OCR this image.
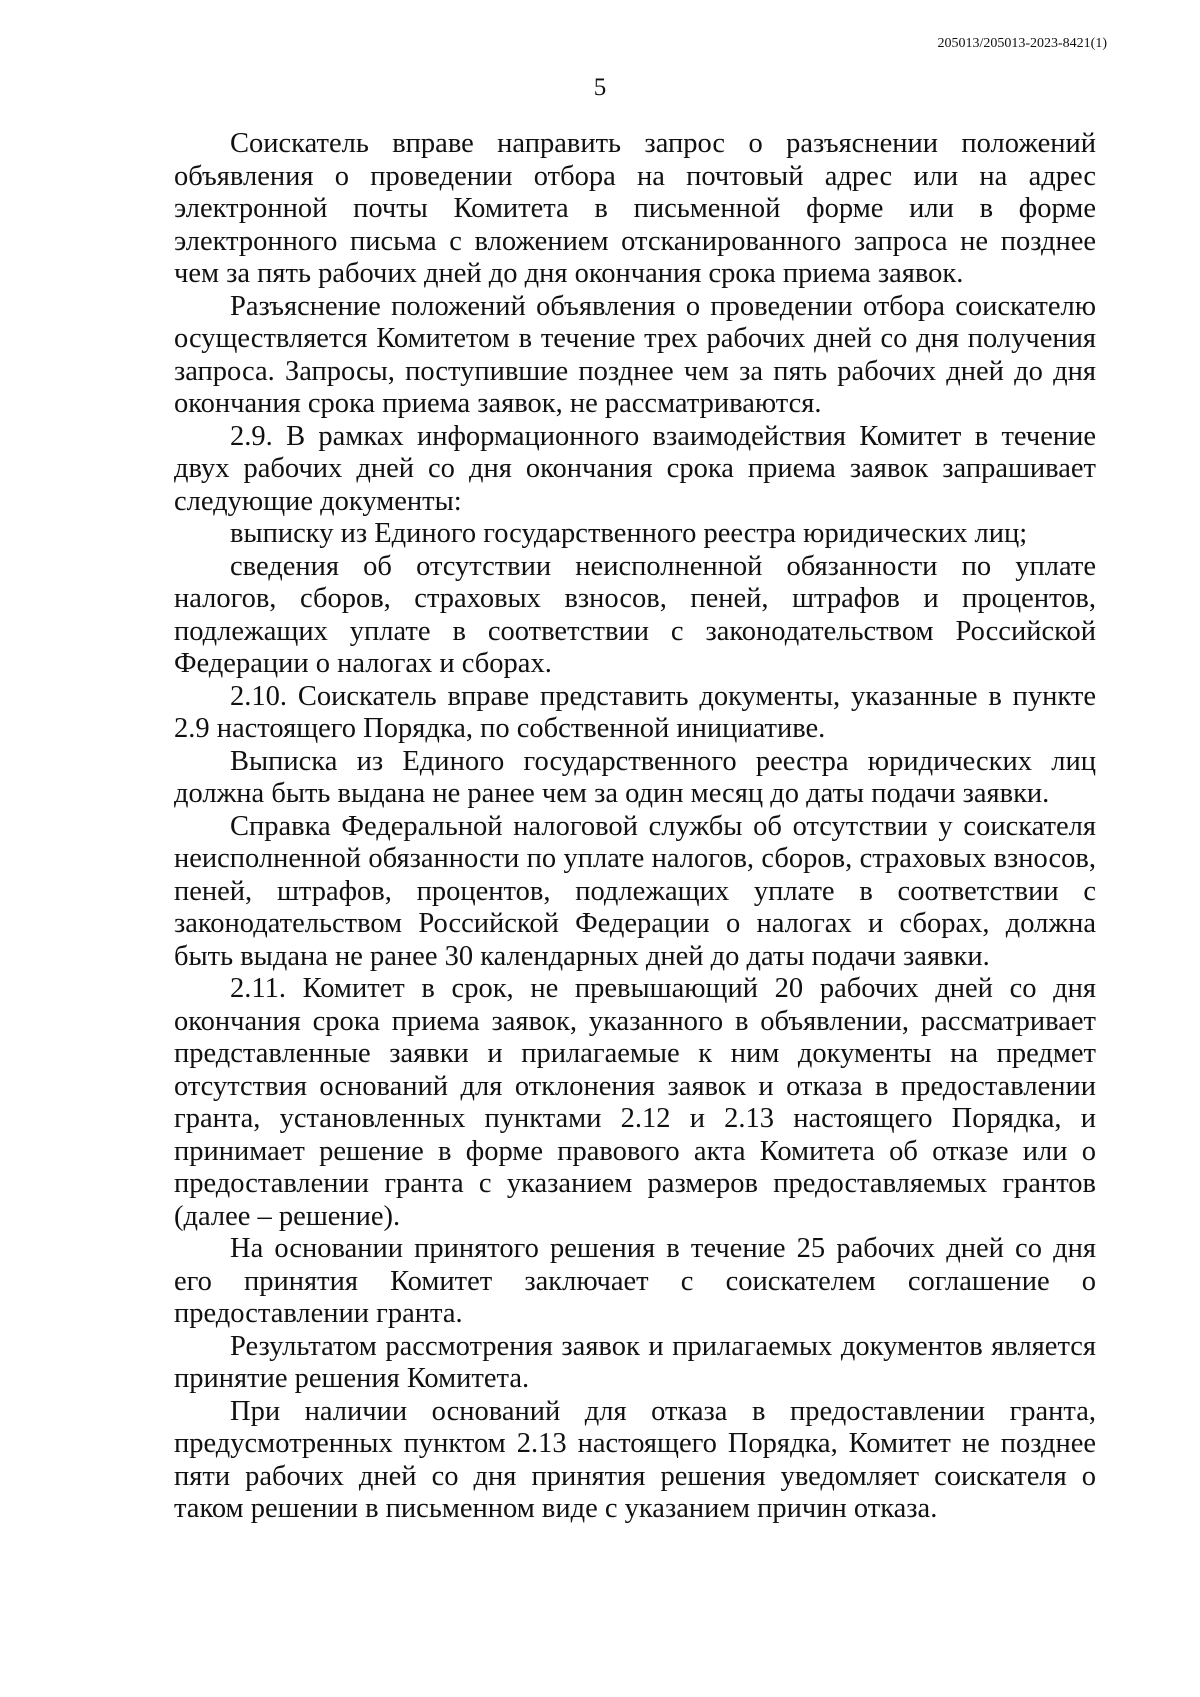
205013/205013-2023-8421(1)
5

Соискатель вправе направить запрос о разъяснении положений объявления о проведении отбора на почтовый адрес или на адрес электронной почты Комитета в письменной форме или в форме электронного письма с вложением отсканированного запроса не позднее чем за пять рабочих дней до дня окончания срока приема заявок.

Разъяснение положений объявления о проведении отбора соискателю осуществляется Комитетом в течение трех рабочих дней со дня получения запроса. Запросы, поступившие позднее чем за пять рабочих дней до дня окончания срока приема заявок, не рассматриваются.

2.9. В рамках информационного взаимодействия Комитет в течение двух рабочих дней со дня окончания срока приема заявок запрашивает следующие документы:

выписку из Единого государственного реестра юридических лиц;

сведения об отсутствии неисполненной обязанности по уплате налогов, сборов, страховых взносов, пеней, штрафов и процентов, подлежащих уплате в соответствии с законодательством Российской Федерации о налогах и сборах.

2.10. Соискатель вправе представить документы, указанные в пункте 2.9 настоящего Порядка, по собственной инициативе.

Выписка из Единого государственного реестра юридических лиц должна быть выдана не ранее чем за один месяц до даты подачи заявки.

Справка Федеральной налоговой службы об отсутствии у соискателя неисполненной обязанности по уплате налогов, сборов, страховых взносов, пеней, штрафов, процентов, подлежащих уплате в соответствии с законодательством Российской Федерации о налогах и сборах, должна быть выдана не ранее 30 календарных дней до даты подачи заявки.

2.11. Комитет в срок, не превышающий 20 рабочих дней со дня окончания срока приема заявок, указанного в объявлении, рассматривает представленные заявки и прилагаемые к ним документы на предмет отсутствия оснований для отклонения заявок и отказа в предоставлении гранта, установленных пунктами 2.12 и 2.13 настоящего Порядка, и принимает решение в форме правового акта Комитета об отказе или о предоставлении гранта с указанием размеров предоставляемых грантов (далее – решение).

На основании принятого решения в течение 25 рабочих дней со дня его принятия Комитет заключает с соискателем соглашение о предоставлении гранта.

Результатом рассмотрения заявок и прилагаемых документов является принятие решения Комитета.

При наличии оснований для отказа в предоставлении гранта, предусмотренных пунктом 2.13 настоящего Порядка, Комитет не позднее пяти рабочих дней со дня принятия решения уведомляет соискателя о таком решении в письменном виде с указанием причин отказа.
